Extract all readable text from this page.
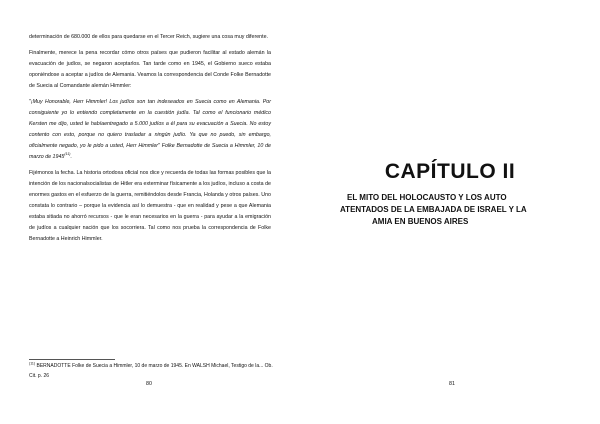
determinación de 680.000 de ellos para quedarse en el Tercer Reich, sugiere una cosa muy diferente.

Finalmente, merece la pena recordar cómo otros países que pudieron facilitar al estado alemán la evacuación de judíos, se negaron aceptarlos. Tan tarde como en 1945, el Gobierno sueco estaba oponiéndose a aceptar a judíos de Alemania. Veamos la correspondencia del Conde Folke Bernadotte de Suecia al Comandante alemán Himmler:

"¡Muy Honorable, Herr Himmler! Los judíos son tan indeseados en Suecia como en Alemania. Por consiguiente yo lo entiendo completamente en la cuestión judía. Tal como el funcionario médico Kersten me dijo, usted le habíaentregado a 5.000 judíos a él para su evacuación a Suecia. No estoy contento con esto, porque no quiero trasladar a ningún judío. Ya que no puedo, sin embargo, oficialmente negado, yo le pido a usted, Herr Himmler" Folke Bernadotte de Suecia a Himmler, 10 de marzo de 1945$^{(11)}$.

Fijémonos la fecha. La historia ortodoxa oficial nos dice y recuerda de todas las formas posibles que la intención de los nacionalsocialistas de Hitler era exterminar físicamente a los judíos, incluso a costa de enormes gastos en el esfuerzo de la guerra, remitiéndolos desde Francia, Holanda y otros países. Uno constata lo contrario – porque la evidencia así lo demuestra - que en realidad y pese a que Alemania estaba sitiada no ahorró recursos - que le eran necesarios en la guerra - para ayudar a la emigración de judíos a cualquier nación que los socorriera. Tal como nos prueba la correspondencia de Folke Bernadotte a Heinrich Himmler.

$^{(11)}$ BERNADOTTE Folke de Suecia a Himmler, 10 de marzo de 1945. En WALSH Michael, Testigo de la... Ob. Cit. p. 26
80
CAPÍTULO II
EL MITO DEL HOLOCAUSTO Y LOS AUTO
ATENTADOS DE LA EMBAJADA DE ISRAEL Y LA
AMIA EN BUENOS AIRES
81
